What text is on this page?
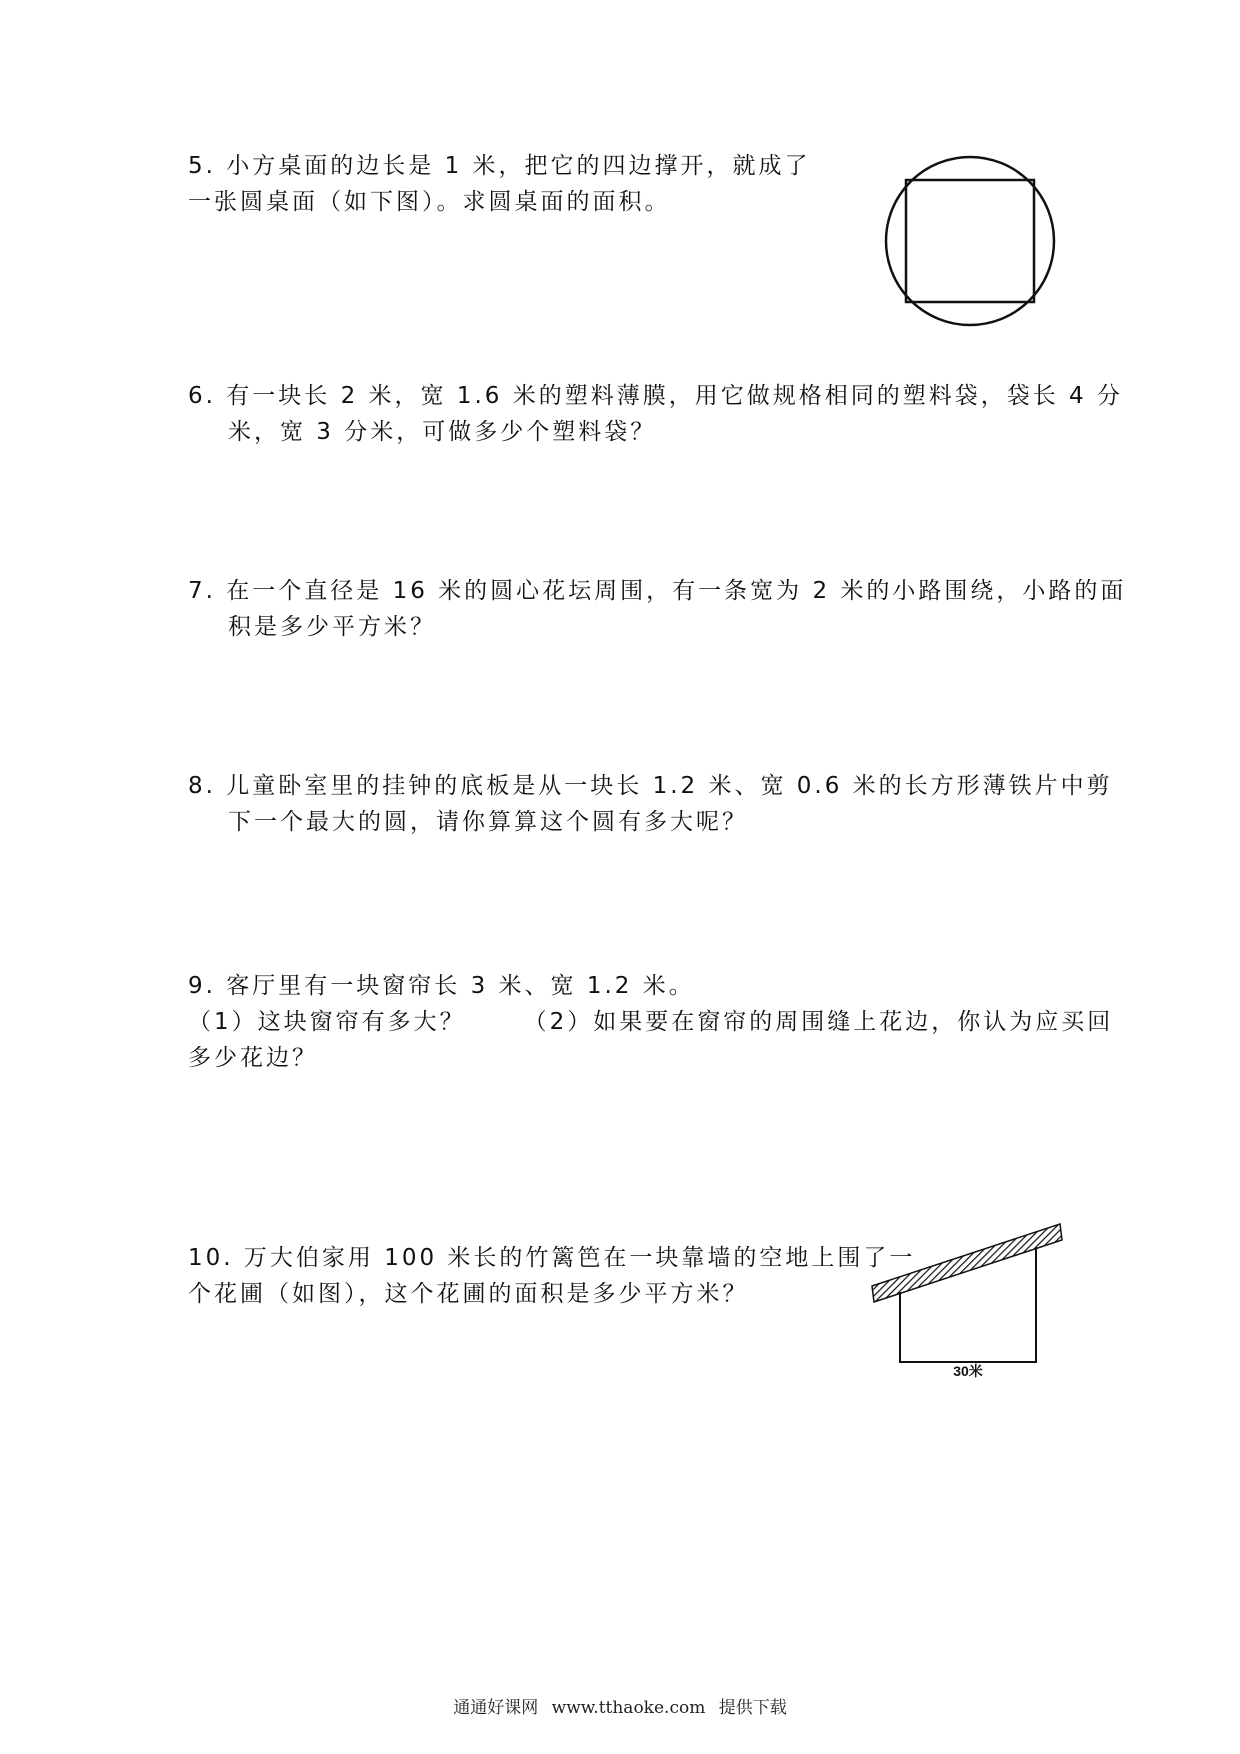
5. 小方桌面的边长是 1 米，把它的四边撑开，就成了
一张圆桌面（如下图）。求圆桌面的面积。
6. 有一块长 2 米，宽 1.6 米的塑料薄膜，用它做规格相同的塑料袋，袋长 4 分
米，宽 3 分米，可做多少个塑料袋？
7. 在一个直径是 16 米的圆心花坛周围，有一条宽为 2 米的小路围绕，小路的面
积是多少平方米？
8. 儿童卧室里的挂钟的底板是从一块长 1.2 米、宽 0.6 米的长方形薄铁片中剪
下一个最大的圆，请你算算这个圆有多大呢？
9. 客厅里有一块窗帘长 3 米、宽 1.2 米。
（1）这块窗帘有多大？	（2）如果要在窗帘的周围缝上花边，你认为应买回
多少花边？
10. 万大伯家用 100 米长的竹篱笆在一块靠墙的空地上围了一
个花圃（如图），这个花圃的面积是多少平方米？
30米
通通好课网 www.tthaoke.com 提供下载
